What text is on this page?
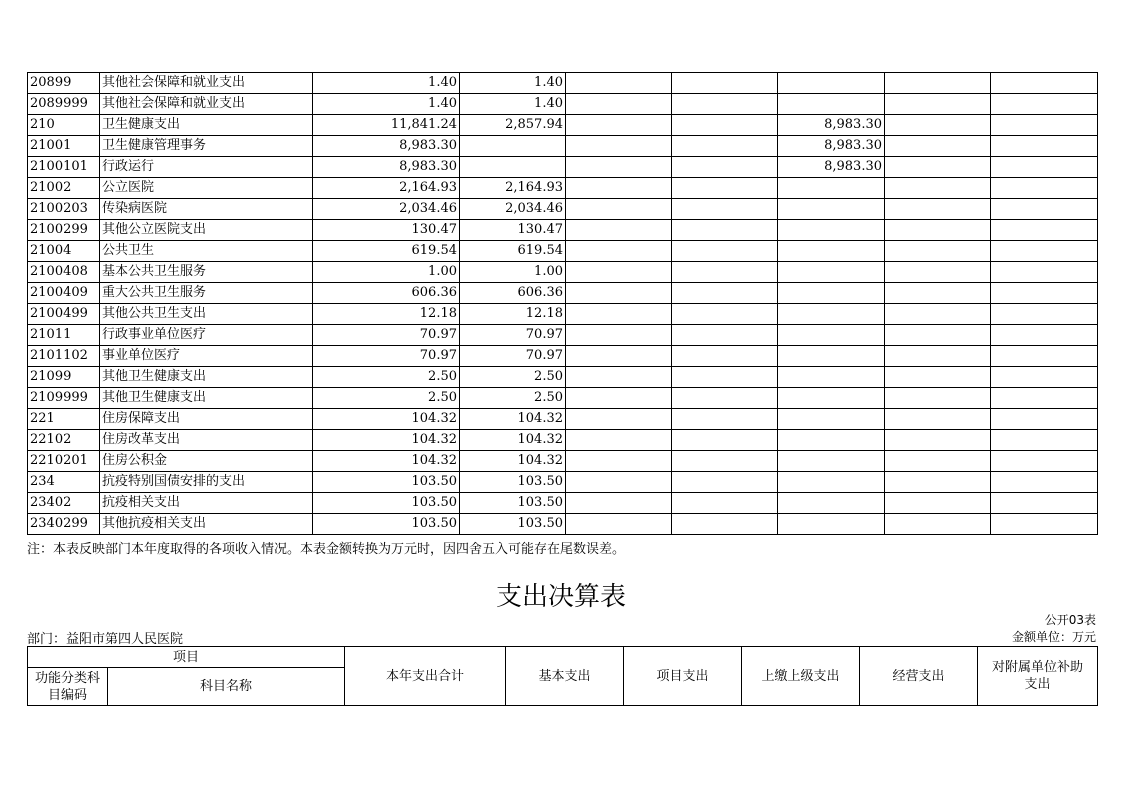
20899	其他社会保障和就业支出	1.40	1.40					
2089999	其他社会保障和就业支出	1.40	1.40					
210	卫生健康支出	11,841.24	2,857.94			8,983.30		
21001	卫生健康管理事务	8,983.30				8,983.30		
2100101	行政运行	8,983.30				8,983.30		
21002	公立医院	2,164.93	2,164.93					
2100203	传染病医院	2,034.46	2,034.46					
2100299	其他公立医院支出	130.47	130.47					
21004	公共卫生	619.54	619.54					
2100408	基本公共卫生服务	1.00	1.00					
2100409	重大公共卫生服务	606.36	606.36					
2100499	其他公共卫生支出	12.18	12.18					
21011	行政事业单位医疗	70.97	70.97					
2101102	事业单位医疗	70.97	70.97					
21099	其他卫生健康支出	2.50	2.50					
2109999	其他卫生健康支出	2.50	2.50					
221	住房保障支出	104.32	104.32					
22102	住房改革支出	104.32	104.32					
2210201	住房公积金	104.32	104.32					
234	抗疫特别国债安排的支出	103.50	103.50					
23402	抗疫相关支出	103.50	103.50					
2340299	其他抗疫相关支出	103.50	103.50					
注：本表反映部门本年度取得的各项收入情况。本表金额转换为万元时，因四舍五入可能存在尾数误差。
支出决算表
公开03表
部门：益阳市第四人民医院	金额单位：万元
项目		本年支出合计	基本支出	项目支出	上缴上级支出	经营支出	对附属单位补助支出
功能分类科目编码	科目名称						
